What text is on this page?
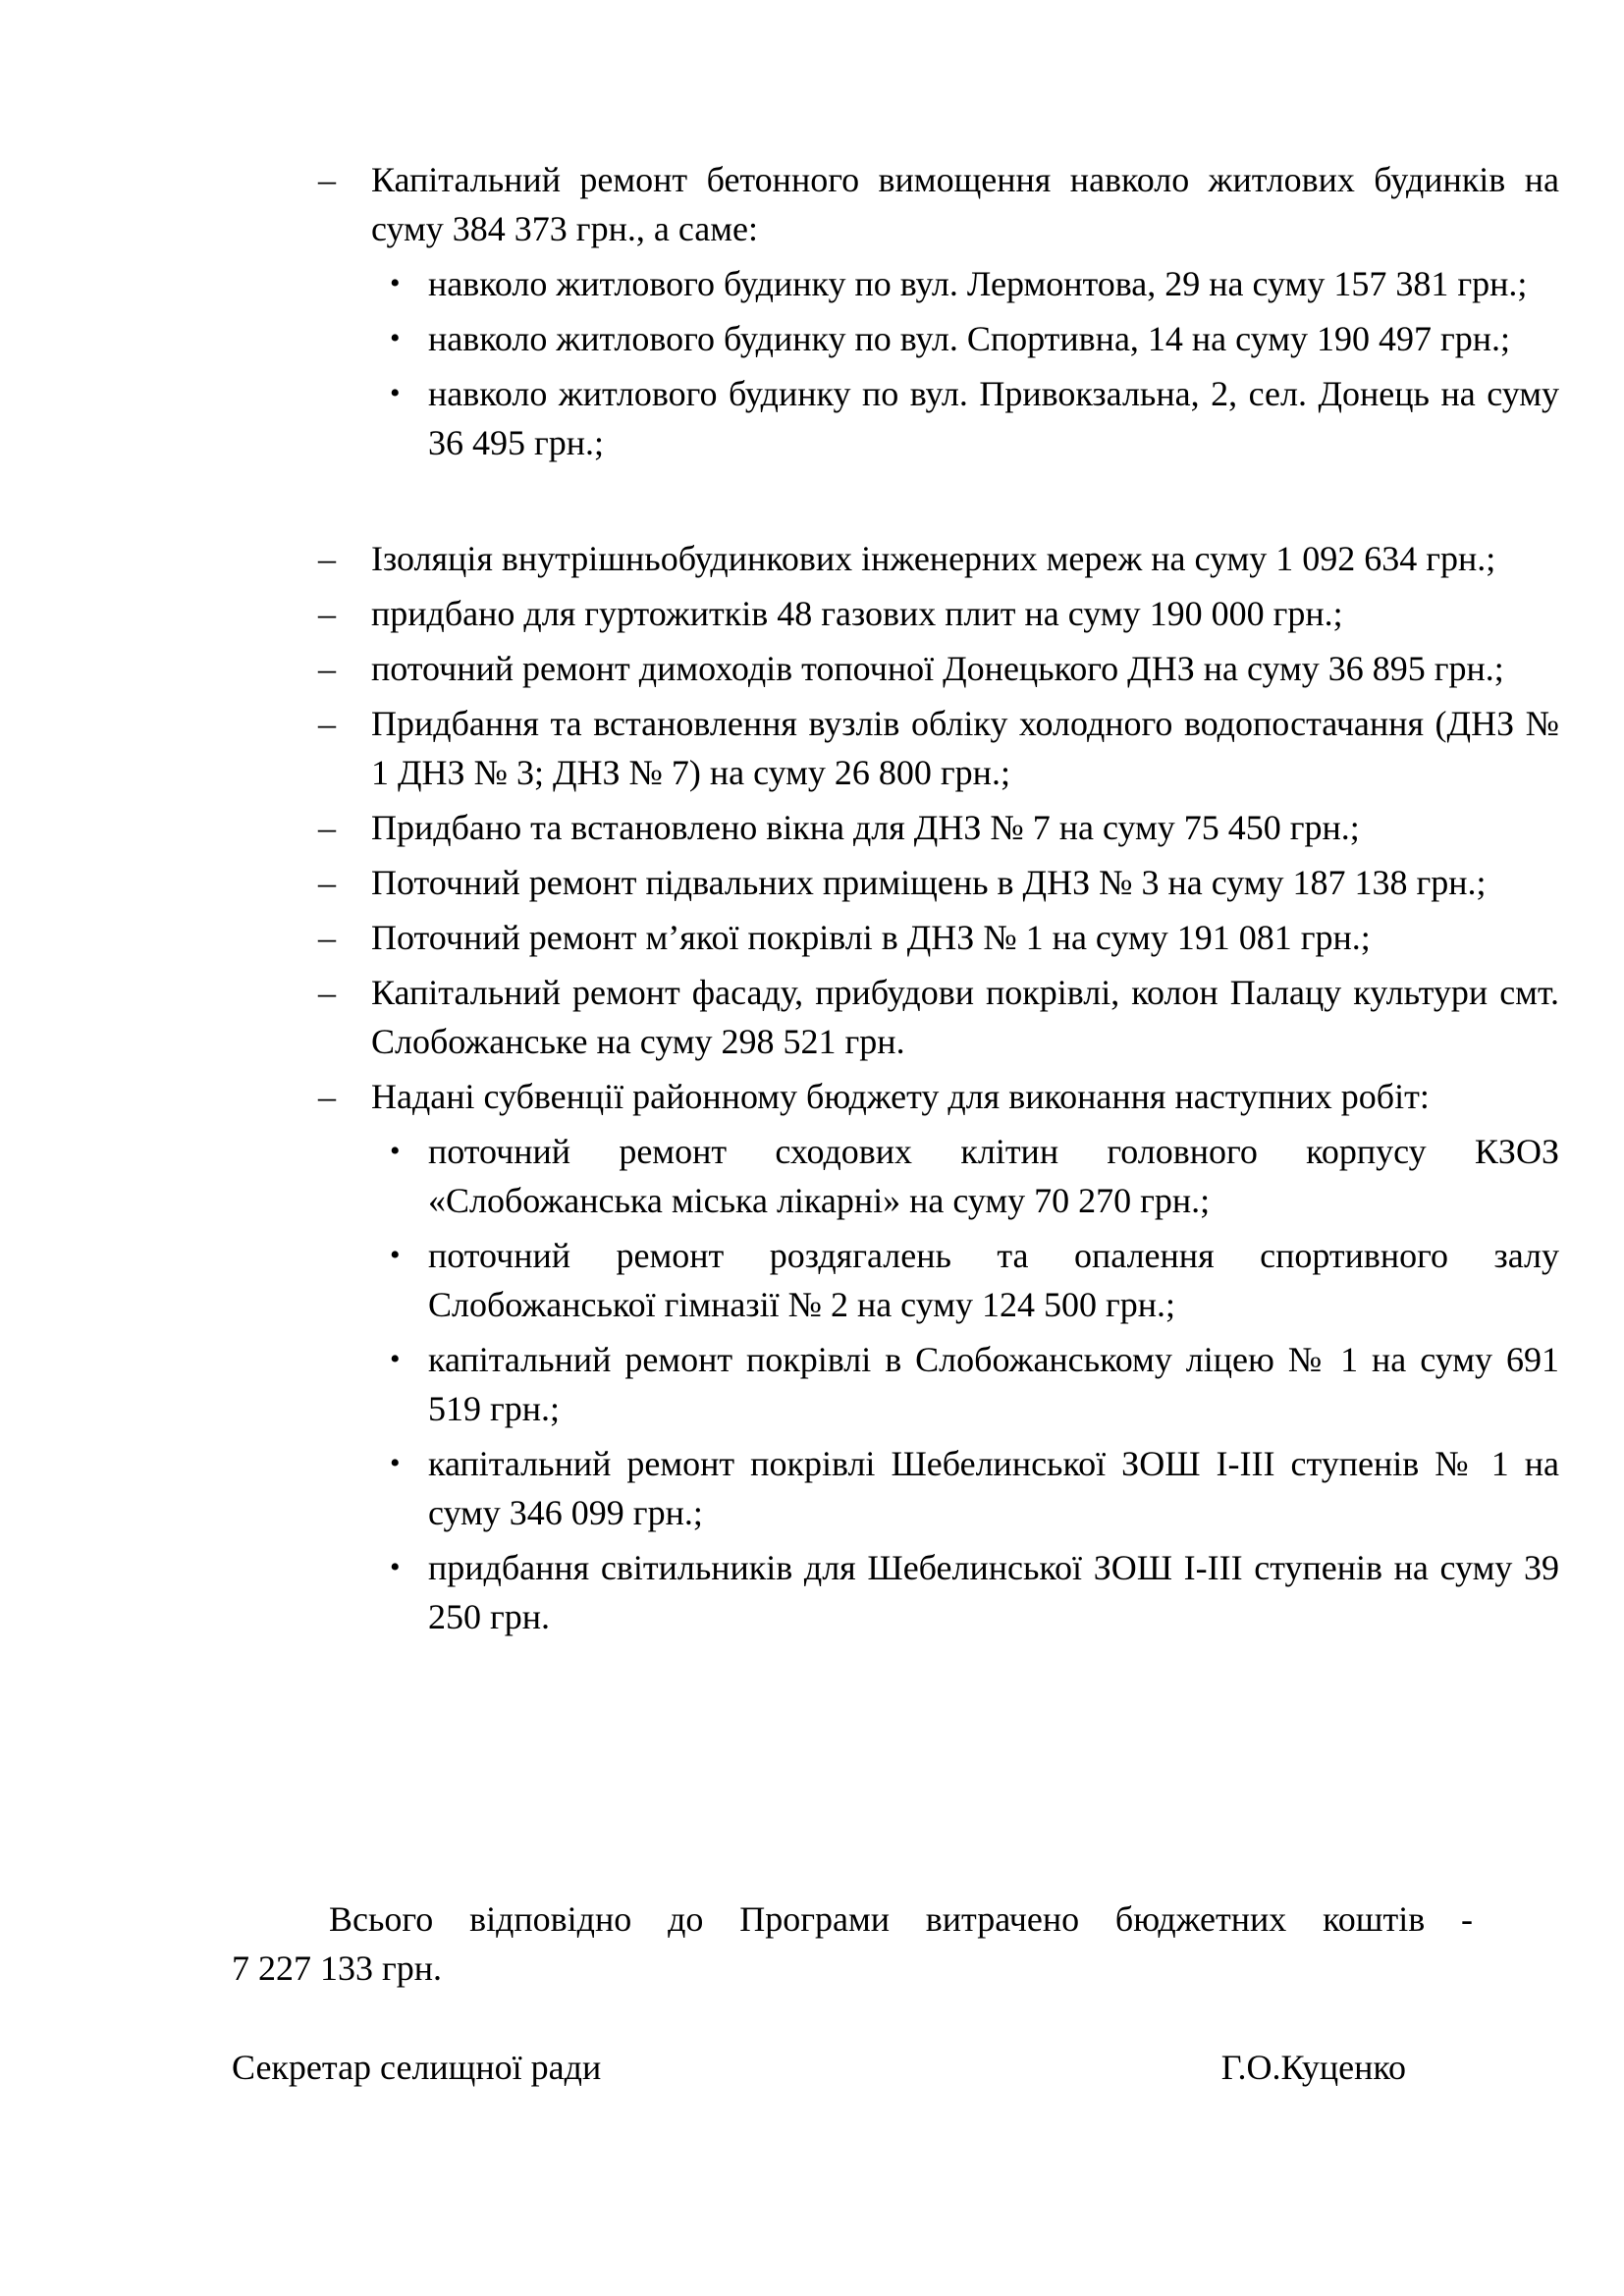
– Капітальний ремонт бетонного вимощення навколо житлових будинків на суму 384 373 грн., а саме:
• навколо житлового будинку по вул. Лермонтова, 29 на суму 157 381 грн.;
• навколо житлового будинку по вул. Спортивна, 14 на суму 190 497 грн.;
• навколо житлового будинку по вул. Привокзальна, 2, сел. Донець на суму 36 495 грн.;
– Ізоляція внутрішньобудинкових інженерних мереж на суму 1 092 634 грн.;
– придбано для гуртожитків 48 газових плит на суму 190 000 грн.;
– поточний ремонт димоходів топочної Донецького ДНЗ на суму 36 895 грн.;
– Придбання та встановлення вузлів обліку холодного водопостачання (ДНЗ № 1 ДНЗ № 3; ДНЗ № 7) на суму 26 800 грн.;
– Придбано та встановлено вікна для ДНЗ № 7 на суму 75 450 грн.;
– Поточний ремонт підвальних приміщень в ДНЗ № 3 на суму 187 138 грн.;
– Поточний ремонт м’якої покрівлі в ДНЗ № 1 на суму 191 081 грн.;
– Капітальний ремонт фасаду, прибудови покрівлі, колон Палацу культури смт. Слобожанське на суму 298 521 грн.
– Надані субвенції районному бюджету для виконання наступних робіт:
• поточний ремонт сходових клітин головного корпусу КЗОЗ «Слобожанська міська лікарні» на суму 70 270 грн.;
• поточний ремонт роздягалень та опалення спортивного залу Слобожанської гімназії № 2 на суму 124 500 грн.;
• капітальний ремонт покрівлі в Слобожанському ліцею № 1 на суму 691 519 грн.;
• капітальний ремонт покрівлі Шебелинської ЗОШ І-ІІІ ступенів № 1 на суму 346 099 грн.;
• придбання світильників для Шебелинської ЗОШ І-ІІІ ступенів на суму 39 250 грн.
Всього відповідно до Програми витрачено бюджетних коштів -
7 227 133 грн.
Секретар селищної ради	Г.О.Куценко
